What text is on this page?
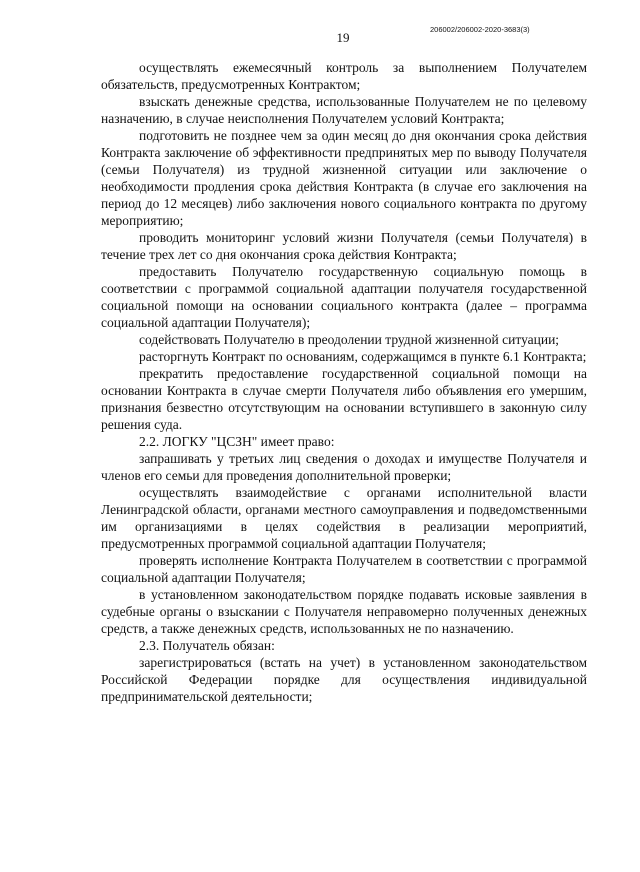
19
206002/206002-2020-3683(3)

осуществлять ежемесячный контроль за выполнением Получателем обязательств, предусмотренных Контрактом;

взыскать денежные средства, использованные Получателем не по целевому назначению, в случае неисполнения Получателем условий Контракта;

подготовить не позднее чем за один месяц до дня окончания срока действия Контракта заключение об эффективности предпринятых мер по выводу Получателя (семьи Получателя) из трудной жизненной ситуации или заключение о необходимости продления срока действия Контракта (в случае его заключения на период до 12 месяцев) либо заключения нового социального контракта по другому мероприятию;

проводить мониторинг условий жизни Получателя (семьи Получателя) в течение трех лет со дня окончания срока действия Контракта;

предоставить Получателю государственную социальную помощь в соответствии с программой социальной адаптации получателя государственной социальной помощи на основании социального контракта (далее – программа социальной адаптации Получателя);

содействовать Получателю в преодолении трудной жизненной ситуации;

расторгнуть Контракт по основаниям, содержащимся в пункте 6.1 Контракта;

прекратить предоставление государственной социальной помощи на основании Контракта в случае смерти Получателя либо объявления его умершим, признания безвестно отсутствующим на основании вступившего в законную силу решения суда.

2.2. ЛОГКУ "ЦСЗН" имеет право:

запрашивать у третьих лиц сведения о доходах и имуществе Получателя и членов его семьи для проведения дополнительной проверки;

осуществлять взаимодействие с органами исполнительной власти Ленинградской области, органами местного самоуправления и подведомственными им организациями в целях содействия в реализации мероприятий, предусмотренных программой социальной адаптации Получателя;

проверять исполнение Контракта Получателем в соответствии с программой социальной адаптации Получателя;

в установленном законодательством порядке подавать исковые заявления в судебные органы о взыскании с Получателя неправомерно полученных денежных средств, а также денежных средств, использованных не по назначению.

2.3. Получатель обязан:

зарегистрироваться (встать на учет) в установленном законодательством Российской Федерации порядке для осуществления индивидуальной предпринимательской деятельности;
